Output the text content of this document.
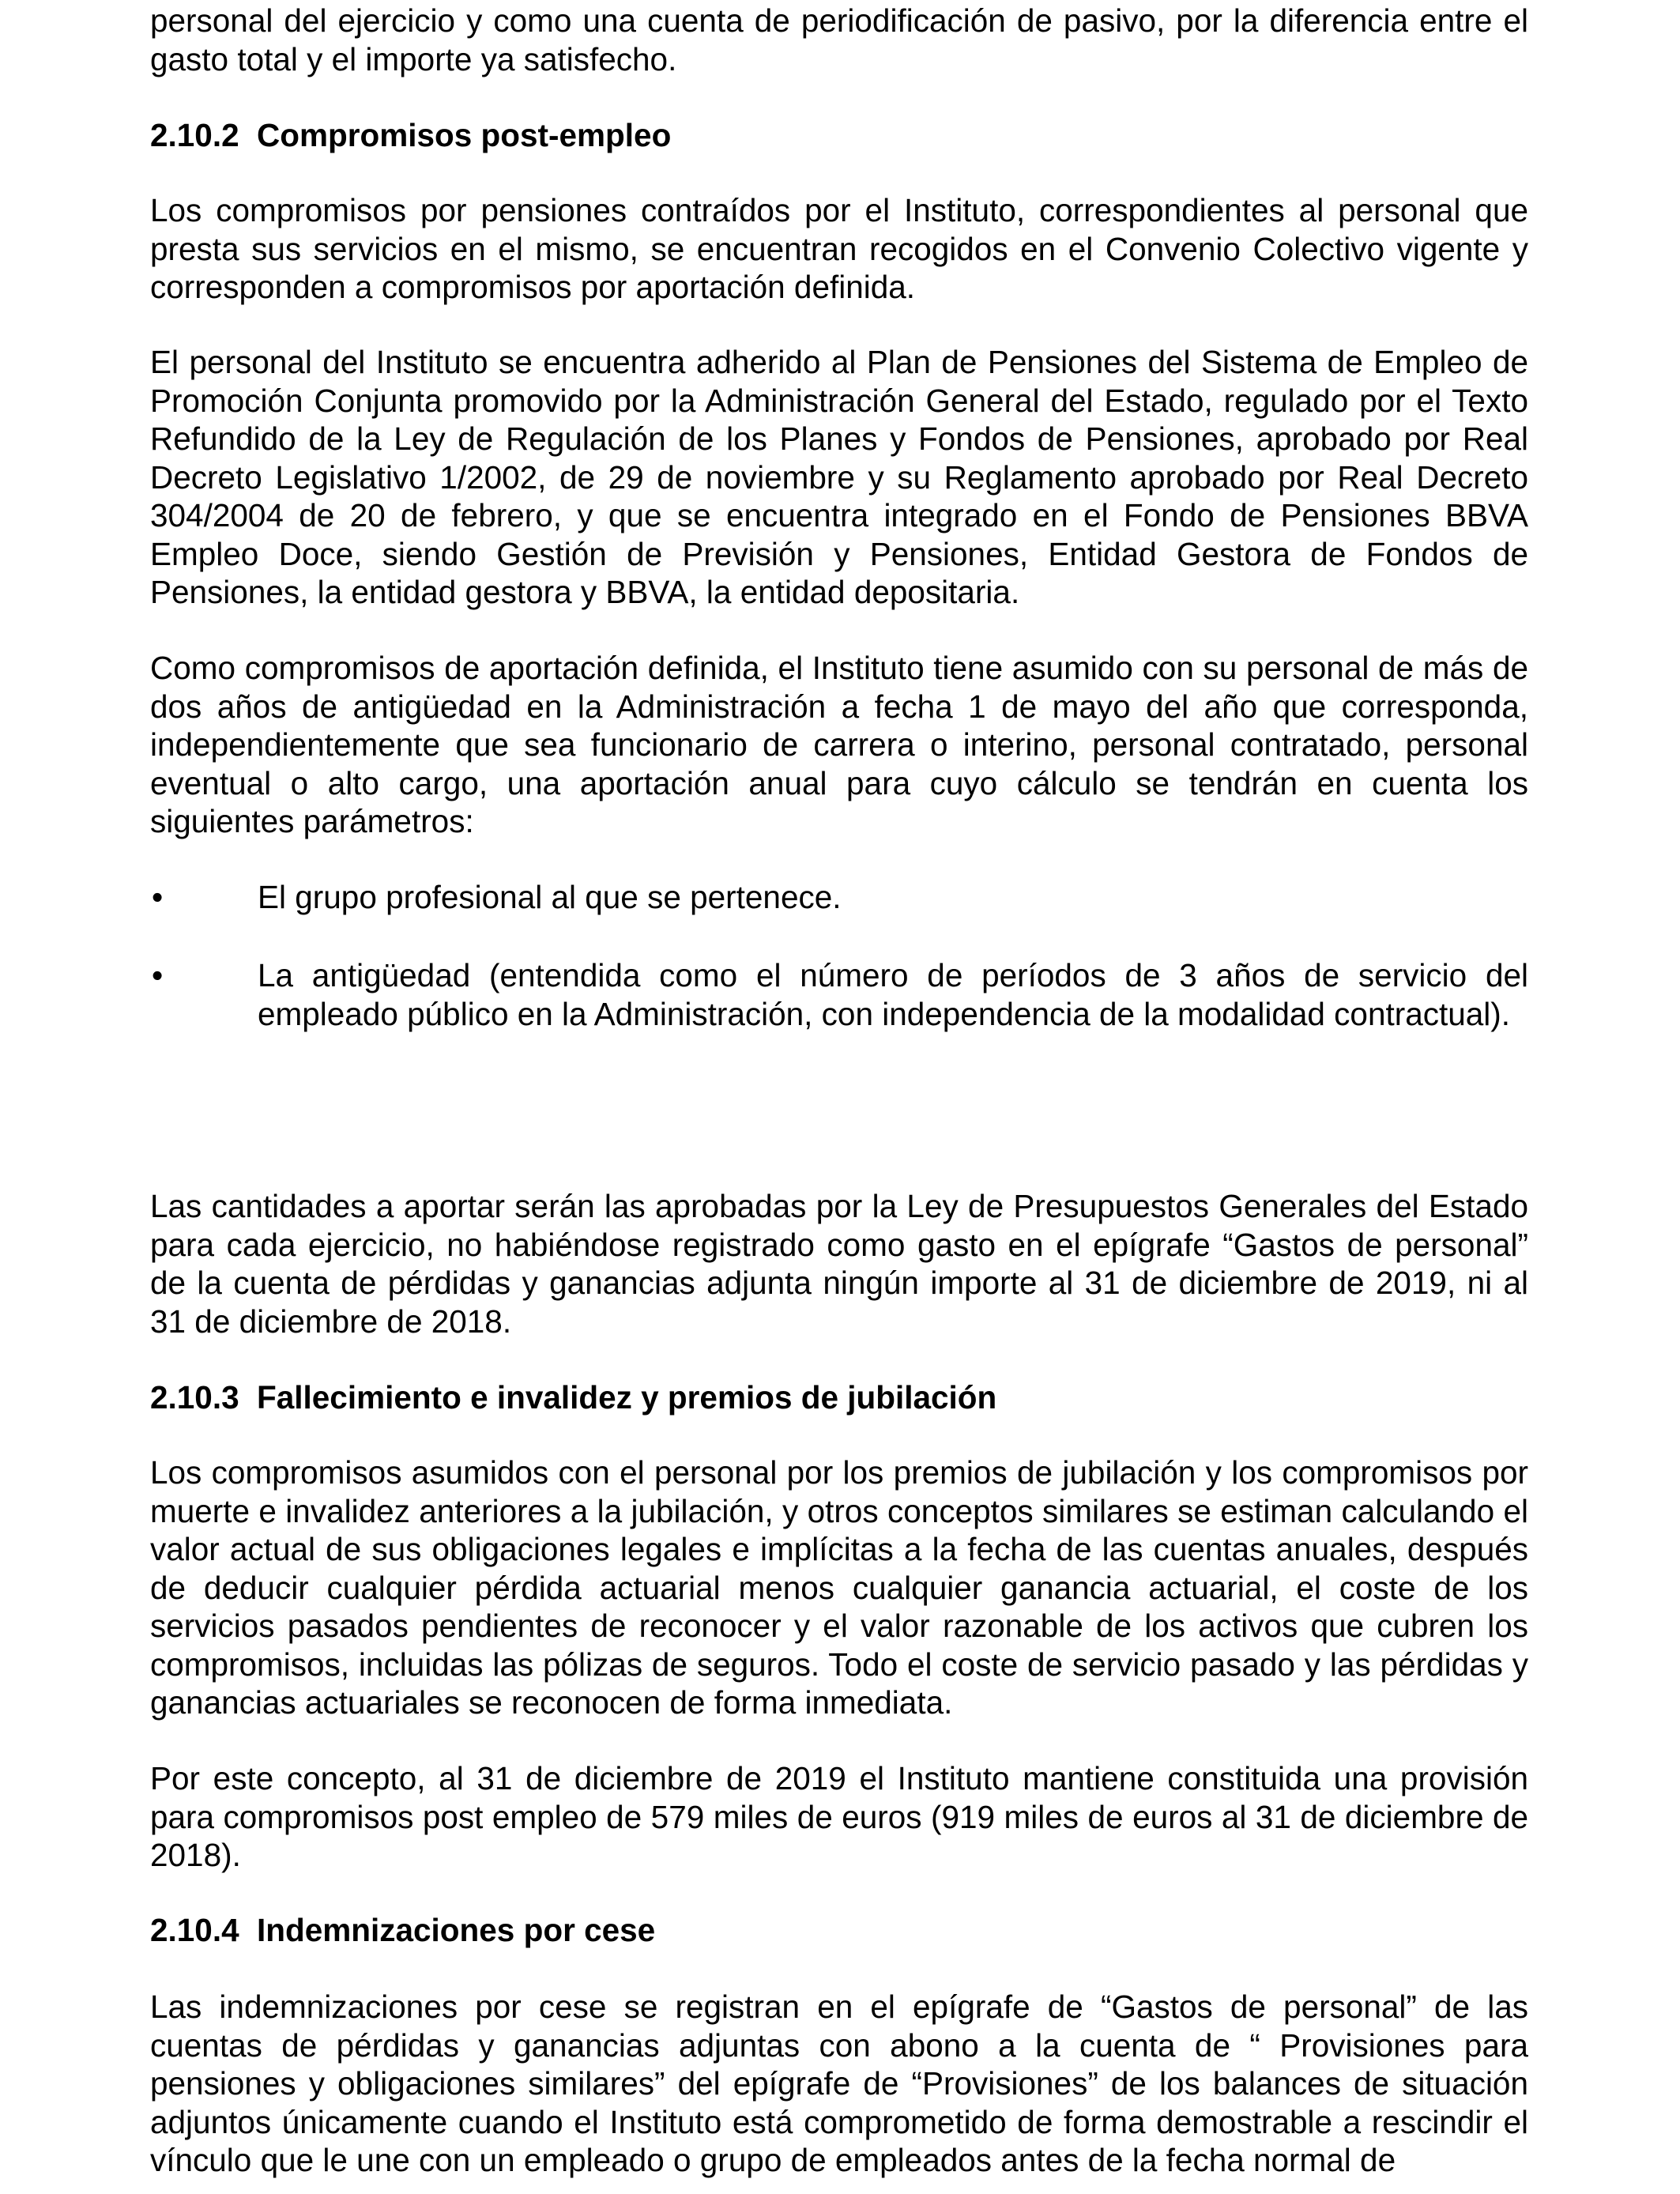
personal del ejercicio y como una cuenta de periodificación de pasivo, por la diferencia entre el gasto total y el importe ya satisfecho.

2.10.2 Compromisos post-empleo

Los compromisos por pensiones contraídos por el Instituto, correspondientes al personal que presta sus servicios en el mismo, se encuentran recogidos en el Convenio Colectivo vigente y corresponden a compromisos por aportación definida.

El personal del Instituto se encuentra adherido al Plan de Pensiones del Sistema de Empleo de Promoción Conjunta promovido por la Administración General del Estado, regulado por el Texto Refundido de la Ley de Regulación de los Planes y Fondos de Pensiones, aprobado por Real Decreto Legislativo 1/2002, de 29 de noviembre y su Reglamento aprobado por Real Decreto 304/2004 de 20 de febrero, y que se encuentra integrado en el Fondo de Pensiones BBVA Empleo Doce, siendo Gestión de Previsión y Pensiones, Entidad Gestora de Fondos de Pensiones, la entidad gestora y BBVA, la entidad depositaria.

Como compromisos de aportación definida, el Instituto tiene asumido con su personal de más de dos años de antigüedad en la Administración a fecha 1 de mayo del año que corresponda, independientemente que sea funcionario de carrera o interino, personal contratado, personal eventual o alto cargo, una aportación anual para cuyo cálculo se tendrán en cuenta los siguientes parámetros:

•	El grupo profesional al que se pertenece.
•	La antigüedad (entendida como el número de períodos de 3 años de servicio del empleado público en la Administración, con independencia de la modalidad contractual).

Las cantidades a aportar serán las aprobadas por la Ley de Presupuestos Generales del Estado para cada ejercicio, no habiéndose registrado como gasto en el epígrafe “Gastos de personal” de la cuenta de pérdidas y ganancias adjunta ningún importe al 31 de diciembre de 2019, ni al 31 de diciembre de 2018.

2.10.3 Fallecimiento e invalidez y premios de jubilación

Los compromisos asumidos con el personal por los premios de jubilación y los compromisos por muerte e invalidez anteriores a la jubilación, y otros conceptos similares se estiman calculando el valor actual de sus obligaciones legales e implícitas a la fecha de las cuentas anuales, después de deducir cualquier pérdida actuarial menos cualquier ganancia actuarial, el coste de los servicios pasados pendientes de reconocer y el valor razonable de los activos que cubren los compromisos, incluidas las pólizas de seguros. Todo el coste de servicio pasado y las pérdidas y ganancias actuariales se reconocen de forma inmediata.

Por este concepto, al 31 de diciembre de 2019 el Instituto mantiene constituida una provisión para compromisos post empleo de 579 miles de euros (919 miles de euros al 31 de diciembre de 2018).

2.10.4 Indemnizaciones por cese

Las indemnizaciones por cese se registran en el epígrafe de “Gastos de personal” de las cuentas de pérdidas y ganancias adjuntas con abono a la cuenta de “ Provisiones para pensiones y obligaciones similares” del epígrafe de “Provisiones” de los balances de situación adjuntos únicamente cuando el Instituto está comprometido de forma demostrable a rescindir el vínculo que le une con un empleado o grupo de empleados antes de la fecha normal de
